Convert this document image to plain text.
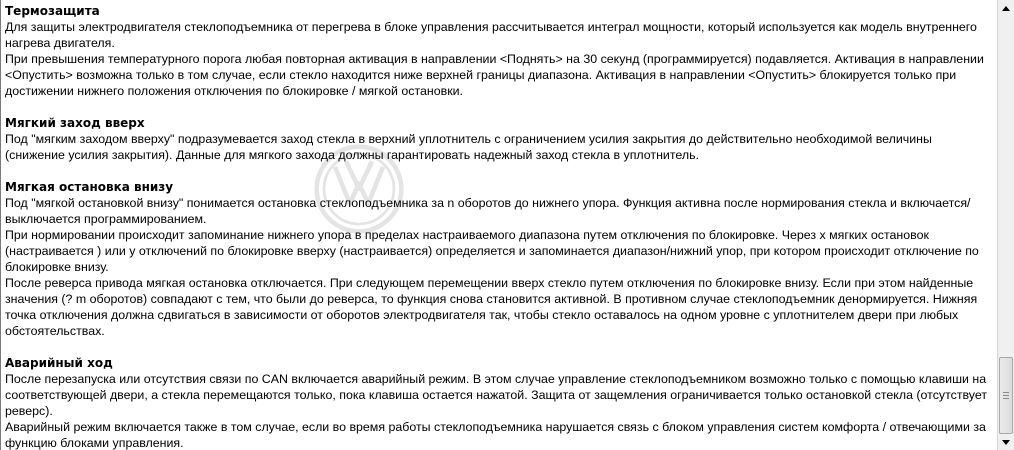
Термозащита
Для защиты электродвигателя стеклоподъемника от перегрева в блоке управления рассчитывается интеграл мощности, который используется как модель внутреннего нагрева двигателя.
При превышения температурного порога любая повторная активация в направлении <Поднять> на 30 секунд (программируется) подавляется. Активация в направлении <Опустить> возможна только в том случае, если стекло находится ниже верхней границы диапазона. Активация в направлении <Опустить> блокируется только при достижении нижнего положения отключения по блокировке / мягкой остановки.
Мягкий заход вверх
Под "мягким заходом вверху" подразумевается заход стекла в верхний уплотнитель с ограничением усилия закрытия до действительно необходимой величины (снижение усилия закрытия). Данные для мягкого захода должны гарантировать надежный заход стекла в уплотнитель.
Мягкая остановка внизу
Под "мягкой остановкой внизу" понимается остановка стеклоподъемника за n оборотов до нижнего упора. Функция активна после нормирования стекла и включается/выключается программированием.
При нормировании происходит запоминание нижнего упора в пределах настраиваемого диапазона путем отключения по блокировке. Через x мягких остановок (настраивается ) или y отключений по блокировке вверху (настраивается) определяется и запоминается диапазон/нижний упор, при котором происходит отключение по блокировке внизу.
После реверса привода мягкая остановка отключается. При следующем перемещении вверх стекло путем отключения по блокировке внизу. Если при этом найденные значения (? m оборотов) совпадают с тем, что были до реверса, то функция снова становится активной. В противном случае стеклоподъемник денормируется. Нижняя точка отключения должна сдвигаться в зависимости от оборотов электродвигателя так, чтобы стекло оставалось на одном уровне с уплотнителем двери при любых обстоятельствах.
Аварийный ход
После перезапуска или отсутствия связи по CAN включается аварийный режим. В этом случае управление стеклоподъемником возможно только с помощью клавиши на соответствующей двери, а стекла перемещаются только, пока клавиша остается нажатой. Защита от защемления ограничивается только остановкой стекла (отсутствует реверс).
Аварийный режим включается также в том случае, если во время работы стеклоподъемника нарушается связь с блоком управления систем комфорта / отвечающими за функцию блоками управления.
